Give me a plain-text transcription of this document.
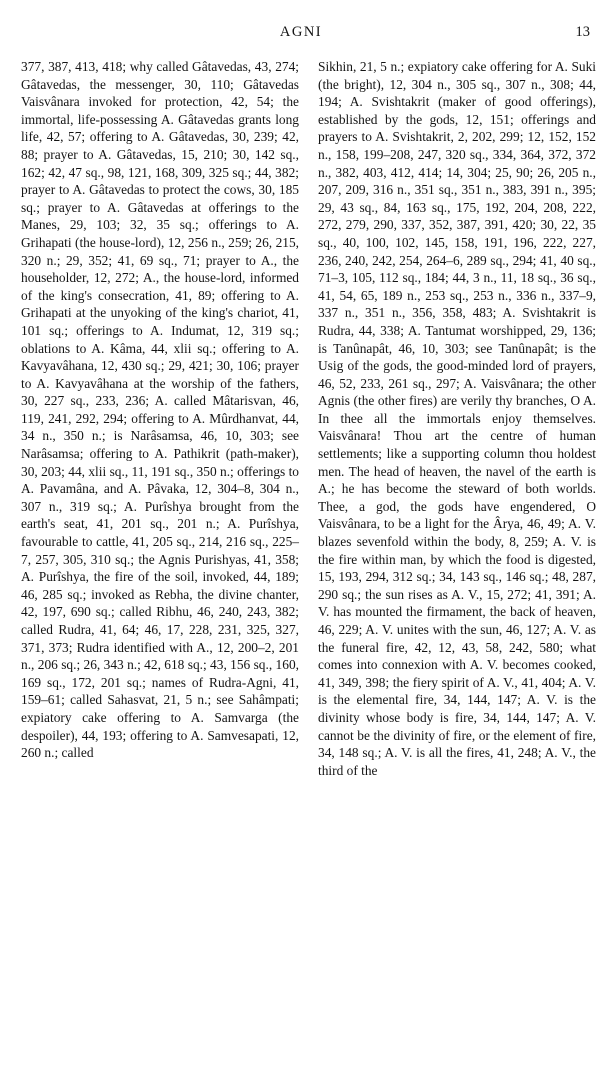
AGNI	13

377, 387, 413, 418; why called Gâtavedas, 43, 274; Gâtavedas, the messenger, 30, 110; Gâtavedas Vaisvânara invoked for protection, 42, 54; the immortal, life-possessing A. Gâtavedas grants long life, 42, 57; offering to A. Gâtavedas, 30, 239; 42, 88; prayer to A. Gâtavedas, 15, 210; 30, 142 sq., 162; 42, 47 sq., 98, 121, 168, 309, 325 sq.; 44, 382; prayer to A. Gâtavedas to protect the cows, 30, 185 sq.; prayer to A. Gâtavedas at offerings to the Manes, 29, 103; 32, 35 sq.; offerings to A. Grihapati (the house-lord), 12, 256 n., 259; 26, 215, 320 n.; 29, 352; 41, 69 sq., 71; prayer to A., the householder, 12, 272; A., the house-lord, informed of the king's consecration, 41, 89; offering to A. Grihapati at the unyoking of the king's chariot, 41, 101 sq.; offerings to A. Indumat, 12, 319 sq.; oblations to A. Kâma, 44, xlii sq.; offering to A. Kavyavâhana, 12, 430 sq.; 29, 421; 30, 106; prayer to A. Kavyavâhana at the worship of the fathers, 30, 227 sq., 233, 236; A. called Mâtarisvan, 46, 119, 241, 292, 294; offering to A. Mûrdhanvat, 44, 34 n., 350 n.; is Narâsamsa, 46, 10, 303; see Narâsamsa; offering to A. Pathikrit (path-maker), 30, 203; 44, xlii sq., 11, 191 sq., 350 n.; offerings to A. Pavamâna, and A. Pâvaka, 12, 304–8, 304 n., 307 n., 319 sq.; A. Purîshya brought from the earth's seat, 41, 201 sq., 201 n.; A. Purîshya, favourable to cattle, 41, 205 sq., 214, 216 sq., 225–7, 257, 305, 310 sq.; the Agnis Purishyas, 41, 358; A. Purîshya, the fire of the soil, invoked, 44, 189; 46, 285 sq.; invoked as Rebha, the divine chanter, 42, 197, 690 sq.; called Ribhu, 46, 240, 243, 382; called Rudra, 41, 64; 46, 17, 228, 231, 325, 327, 371, 373; Rudra identified with A., 12, 200–2, 201 n., 206 sq.; 26, 343 n.; 42, 618 sq.; 43, 156 sq., 160, 169 sq., 172, 201 sq.; names of Rudra-Agni, 41, 159–61; called Sahasvat, 21, 5 n.; see Sahâmpati; expiatory cake offering to A. Samvarga (the despoiler), 44, 193; offering to A. Samvesapati, 12, 260 n.; called

Sikhin, 21, 5 n.; expiatory cake offering for A. Suki (the bright), 12, 304 n., 305 sq., 307 n., 308; 44, 194; A. Svishtakrit (maker of good offerings), established by the gods, 12, 151; offerings and prayers to A. Svishtakrit, 2, 202, 299; 12, 152, 152 n., 158, 199–208, 247, 320 sq., 334, 364, 372, 372 n., 382, 403, 412, 414; 14, 304; 25, 90; 26, 205 n., 207, 209, 316 n., 351 sq., 351 n., 383, 391 n., 395; 29, 43 sq., 84, 163 sq., 175, 192, 204, 208, 222, 272, 279, 290, 337, 352, 387, 391, 420; 30, 22, 35 sq., 40, 100, 102, 145, 158, 191, 196, 222, 227, 236, 240, 242, 254, 264–6, 289 sq., 294; 41, 40 sq., 71–3, 105, 112 sq., 184; 44, 3 n., 11, 18 sq., 36 sq., 41, 54, 65, 189 n., 253 sq., 253 n., 336 n., 337–9, 337 n., 351 n., 356, 358, 483; A. Svishtakrit is Rudra, 44, 338; A. Tantumat worshipped, 29, 136; is Tanûnapât, 46, 10, 303; see Tanûnapât; is the Usig of the gods, the good-minded lord of prayers, 46, 52, 233, 261 sq., 297; A. Vaisvânara; the other Agnis (the other fires) are verily thy branches, O A. In thee all the immortals enjoy themselves. Vaisvânara! Thou art the centre of human settlements; like a supporting column thou holdest men. The head of heaven, the navel of the earth is A.; he has become the steward of both worlds. Thee, a god, the gods have engendered, O Vaisvânara, to be a light for the Ârya, 46, 49; A. V. blazes sevenfold within the body, 8, 259; A. V. is the fire within man, by which the food is digested, 15, 193, 294, 312 sq.; 34, 143 sq., 146 sq.; 48, 287, 290 sq.; the sun rises as A. V., 15, 272; 41, 391; A. V. has mounted the firmament, the back of heaven, 46, 229; A. V. unites with the sun, 46, 127; A. V. as the funeral fire, 42, 12, 43, 58, 242, 580; what comes into connexion with A. V. becomes cooked, 41, 349, 398; the fiery spirit of A. V., 41, 404; A. V. is the elemental fire, 34, 144, 147; A. V. is the divinity whose body is fire, 34, 144, 147; A. V. cannot be the divinity of fire, or the element of fire, 34, 148 sq.; A. V. is all the fires, 41, 248; A. V., the third of the
